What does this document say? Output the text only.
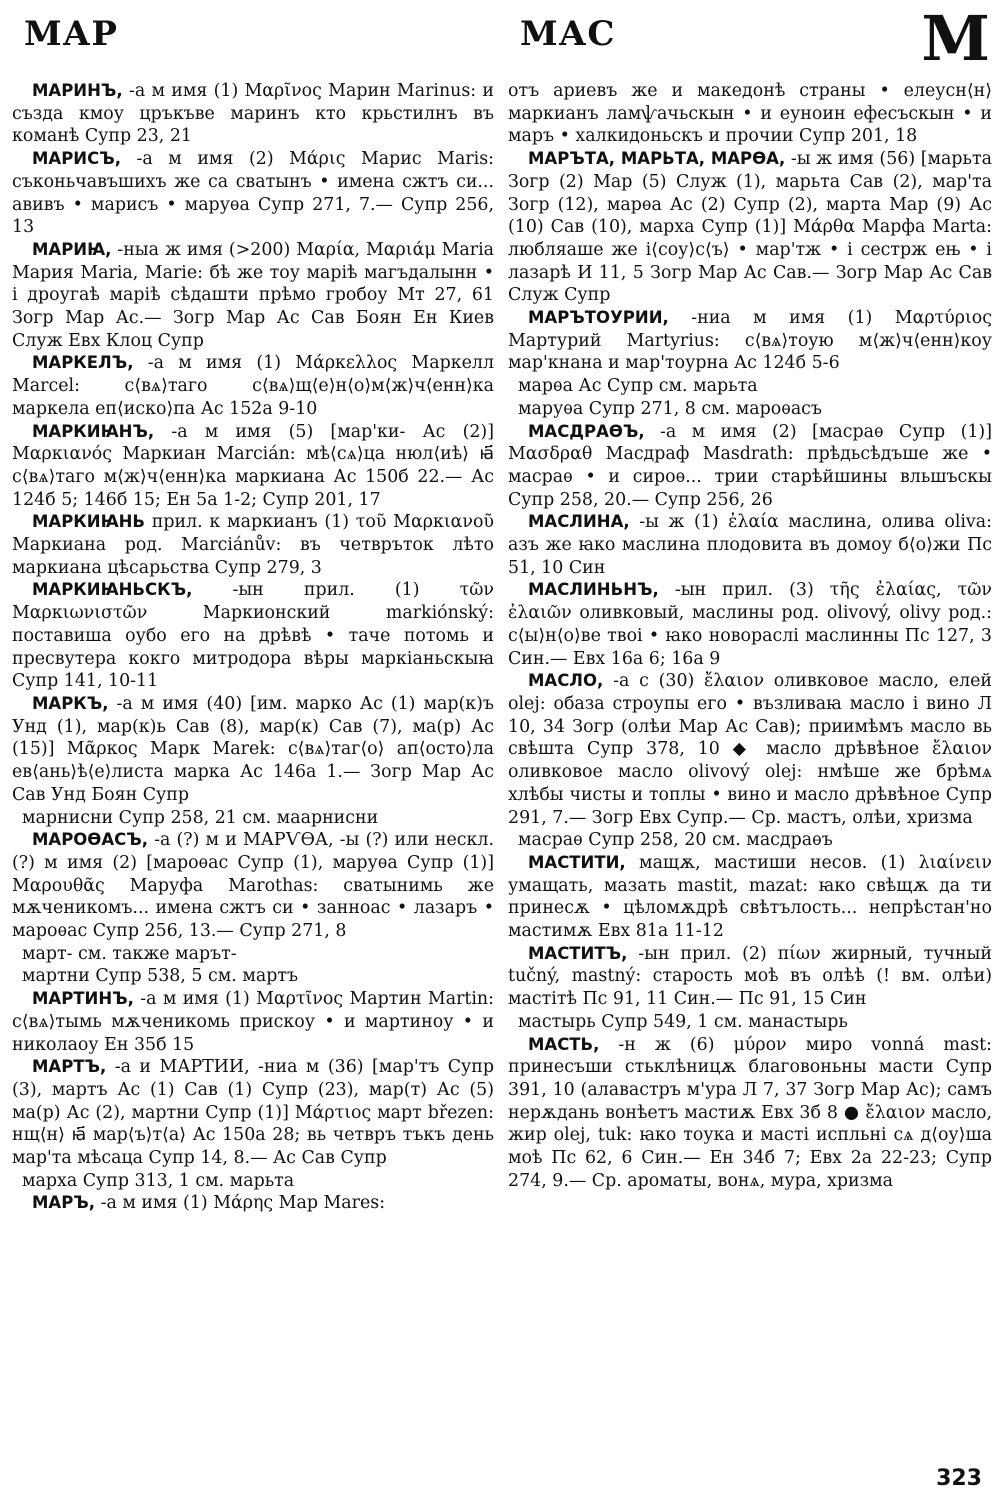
МАР	МАС	М

МАРИНЪ, -а м имя (1) Μαρῖνος Марин Marinus: и създа кмоу цръкъве маринъ кто крьстилнъ въ команѣ Супр 23, 21

МАРИСЪ, -а м имя (2) Μάρις Марис Maris: съконьчавъшихъ же са сватынъ • имена сжтъ си... авивъ • марисъ • маруѳа Супр 271, 7.— Супр 256, 13

МАРИꙖ, -ныа ж имя (>200) Μαρία, Μαριάμ Maria Мария Maria, Marie: бѣ же тоу маріѣ магъдалынн • і дроугаѣ маріѣ сѣдашти прѣмо гробоу Мт 27, 61 Зогр Мар Ас.— Зогр Мар Ас Сав Боян Ен Киев Служ Евх Клоц Супр

МАРКЕЛЪ, -а м имя (1) Μάρκελλος Маркелл Marcel: с⟨вѧ⟩таго с⟨вѧ⟩щ⟨е⟩н⟨о⟩м⟨ж⟩ч⟨енн⟩ка маркела еп⟨иско⟩па Ас 152а 9-10

МАРКИꙖНЪ, -а м имя (5) [мар'ки- Ас (2)] Μαρκιανός Маркиан Marcián: мѣ⟨сѧ⟩ца нюл⟨иѣ⟩ ꙗ҃ с⟨вѧ⟩таго м⟨ж⟩ч⟨енн⟩ка маркиана Ас 150б 22.— Ас 124б 5; 146б 15; Ен 5а 1-2; Супр 201, 17

МАРКИꙖНЬ прил. к маркианъ (1) τοῦ Μαρκιανοῦ Маркиана род. Marciánův: въ четвръток лѣто маркиана цѣсарьства Супр 279, 3

МАРКИꙖНЬСКЪ, -ын прил. (1) τῶν Μαρκιωνιστῶν Маркионский markiónský: поставиша оубо его на дрѣвѣ • таче потомь и пресвутера кокго митродора вѣры маркіаньскыꙗ Супр 141, 10-11

МАРКЪ, -а м имя (40) [им. марко Ас (1) мар(к)ъ Унд (1), мар(к)ь Сав (8), мар(к) Сав (7), ма(р) Ас (15)] Μᾶρκος Марк Marek: с⟨вѧ⟩таг⟨о⟩ ап⟨осто⟩ла ев⟨ань⟩ѣ⟨е⟩листа марка Ас 146а 1.— Зогр Мар Ас Сав Унд Боян Супр

марнисни Супр 258, 21 см. маарнисни

МАРОѲАСЪ, -а (?) м и МАРѴѲА, -ы (?) или нескл. (?) м имя (2) [мароѳас Супр (1), маруѳа Супр (1)] Μαρουθᾶς Маруфа Marothas: сватынимь же мѫченикомъ... имена сжтъ си • занноас • лазаръ • мароѳас Супр 256, 13.— Супр 271, 8

март- см. также марът-

мартни Супр 538, 5 см. мартъ

МАРТИНЪ, -а м имя (1) Μαρτῖνος Мартин Martin: с⟨вѧ⟩тымь мѫченикомь прискоу • и мартиноу • и николаоу Ен 35б 15

МАРТЪ, -а и МАРТИИ, -ниа м (36) [мар'тъ Супр (3), мартъ Ас (1) Сав (1) Супр (23), мар(т) Ас (5) ма(р) Ас (2), мартни Супр (1)] Μάρτιος март březen: нщ⟨н⟩ ꙗ҃ мар⟨ъ⟩т⟨а⟩ Ас 150а 28; вь четвръ тъкъ день мар'та мѣсаца Супр 14, 8.— Ас Сав Супр

марха Супр 313, 1 см. марьта

МАРЪ, -а м имя (1) Μάρης Мар Mares:

отъ ариевъ же и македонѣ страны • елеусн⟨н⟩ маркианъ ламѱачьскын • и еуноин ефесъскын • и маръ • халкидоньскъ и прочии Супр 201, 18

МАРЪТА, МАРЬТА, МАРѲА, -ы ж имя (56) [марьта Зогр (2) Мар (5) Служ (1), марьта Сав (2), мар'та Зогр (12), марѳа Ас (2) Супр (2), марта Мар (9) Ас (10) Сав (10), марха Супр (1)] Μάρθα Марфа Marta: любляаше же і⟨соу⟩с⟨ъ⟩ • мар'тж • і сестрж ењ • і лазарѣ И 11, 5 Зогр Мар Ас Сав.— Зогр Мар Ас Сав Служ Супр

МАРЪТОУРИИ, -ниа м имя (1) Μαρτύριος Мартурий Martyrius: с⟨вѧ⟩тоую м⟨ж⟩ч⟨енн⟩коу мар'кнана и мар'тоурна Ас 124б 5-6

марѳа Ас Супр см. марьта

маруѳа Супр 271, 8 см. мароѳасъ

МАСДРАѲЪ, -а м имя (2) [масраѳ Супр (1)] Μασδραθ Масдраф Masdrath: прѣдьсѣдъше же • масраѳ • и сироѳ... трии старѣйшины вльшъскы Супр 258, 20.— Супр 256, 26

МАСЛИНА, -ы ж (1) ἐλαία маслина, олива oliva: азъ же ꙗко маслина плодовита въ домоу б⟨о⟩жи Пс 51, 10 Син

МАСЛИНЬНЪ, -ын прил. (3) τῆς ἐλαίας, τῶν ἐλαιῶν оливковый, маслины род. olivový, olivy род.: с⟨ы⟩н⟨о⟩ве твоі • ꙗко новораслі маслинны Пс 127, 3 Син.— Евх 16а 6; 16а 9

МАСЛО, -а с (30) ἔλαιον оливковое масло, елей olej: обаза строупы его • възливаꙗ масло і вино Л 10, 34 Зогр (олѣи Мар Ас Сав); приимѣмъ масло вь свѣшта Супр 378, 10 ◆ масло дрѣвѣное ἔλαιον оливковое масло olivový olej: нмѣше же брѣмѧ хлѣбы чисты и топлы • вино и масло дрѣвѣное Супр 291, 7.— Зогр Евх Супр.— Ср. мастъ, олѣи, хризма

масраѳ Супр 258, 20 см. масдраѳъ

МАСТИТИ, мащѫ, мастиши несов. (1) λιαίνειν умащать, мазать mastit, mazat: ꙗко свѣщѫ да ти принесѫ • цѣломѫдрѣ свѣтълость... непрѣстан'но мастимѫ Евх 81а 11-12

МАСТИТЪ, -ын прил. (2) πίων жирный, тучный tučný, mastný: старость моѣ въ олѣѣ (! вм. олѣи) мастітѣ Пс 91, 11 Син.— Пс 91, 15 Син

мастырь Супр 549, 1 см. манастырь

МАСТЬ, -н ж (6) μύρον миро vonná mast: принесъши стьклѣницѫ благовоньны масти Супр 391, 10 (алавастръ м'ура Л 7, 37 Зогр Мар Ас); самъ нерѫдань вонѣетъ мастиѫ Евх 3б 8 ● ἔλαιον масло, жир olej, tuk: ꙗко тоука и масті испльні сѧ д⟨оу⟩ша моѣ Пс 62, 6 Син.— Ен 34б 7; Евх 2а 22-23; Супр 274, 9.— Ср. ароматы, вонѧ, мура, хризма

323
